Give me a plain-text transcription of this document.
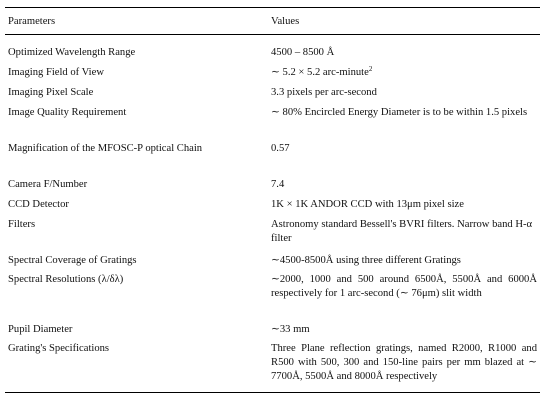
Parameters	Values
Optimized Wavelength Range	4500 – 8500 Å
Imaging Field of View	∼ 5.2 × 5.2 arc-minute$^2$
Imaging Pixel Scale	3.3 pixels per arc-second
Image Quality Requirement	∼ 80% Encircled Energy Diameter is to be within 1.5 pixels
Magnification of the MFOSC-P optical Chain	0.57
Camera F/Number	7.4
CCD Detector	1K × 1K ANDOR CCD with 13μm pixel size
Filters	Astronomy standard Bessell's BVRI filters. Narrow band H-α filter
Spectral Coverage of Gratings	∼4500-8500Å using three different Gratings
Spectral Resolutions (λ/δλ)	∼2000, 1000 and 500 around 6500Å, 5500Å and 6000Å respectively for 1 arc-second (∼ 76μm) slit width
Pupil Diameter	∼33 mm
Grating's Specifications	Three Plane reflection gratings, named R2000, R1000 and R500 with 500, 300 and 150-line pairs per mm blazed at ∼ 7700Å, 5500Å and 8000Å respectively
